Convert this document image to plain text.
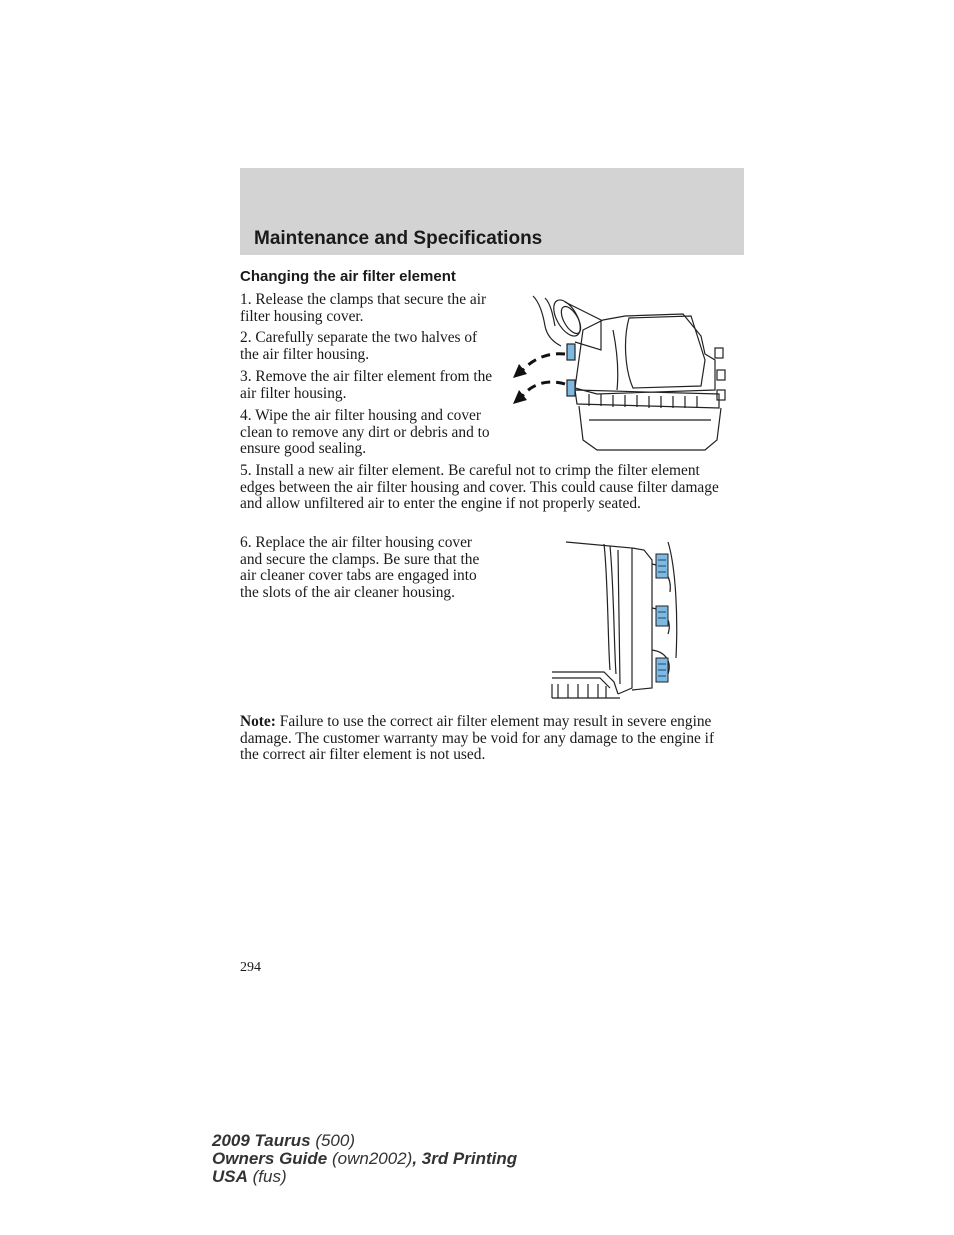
Maintenance and Specifications
Changing the air filter element

1. Release the clamps that secure the air filter housing cover.

2. Carefully separate the two halves of the air filter housing.

3. Remove the air filter element from the air filter housing.

4. Wipe the air filter housing and cover clean to remove any dirt or debris and to ensure good sealing.

5. Install a new air filter element. Be careful not to crimp the filter element edges between the air filter housing and cover. This could cause filter damage and allow unfiltered air to enter the engine if not properly seated.

6. Replace the air filter housing cover and secure the clamps. Be sure that the air cleaner cover tabs are engaged into the slots of the air cleaner housing.

Note: Failure to use the correct air filter element may result in severe engine damage. The customer warranty may be void for any damage to the engine if the correct air filter element is not used.

294
2009 Taurus (500)
Owners Guide (own2002), 3rd Printing
USA (fus)
